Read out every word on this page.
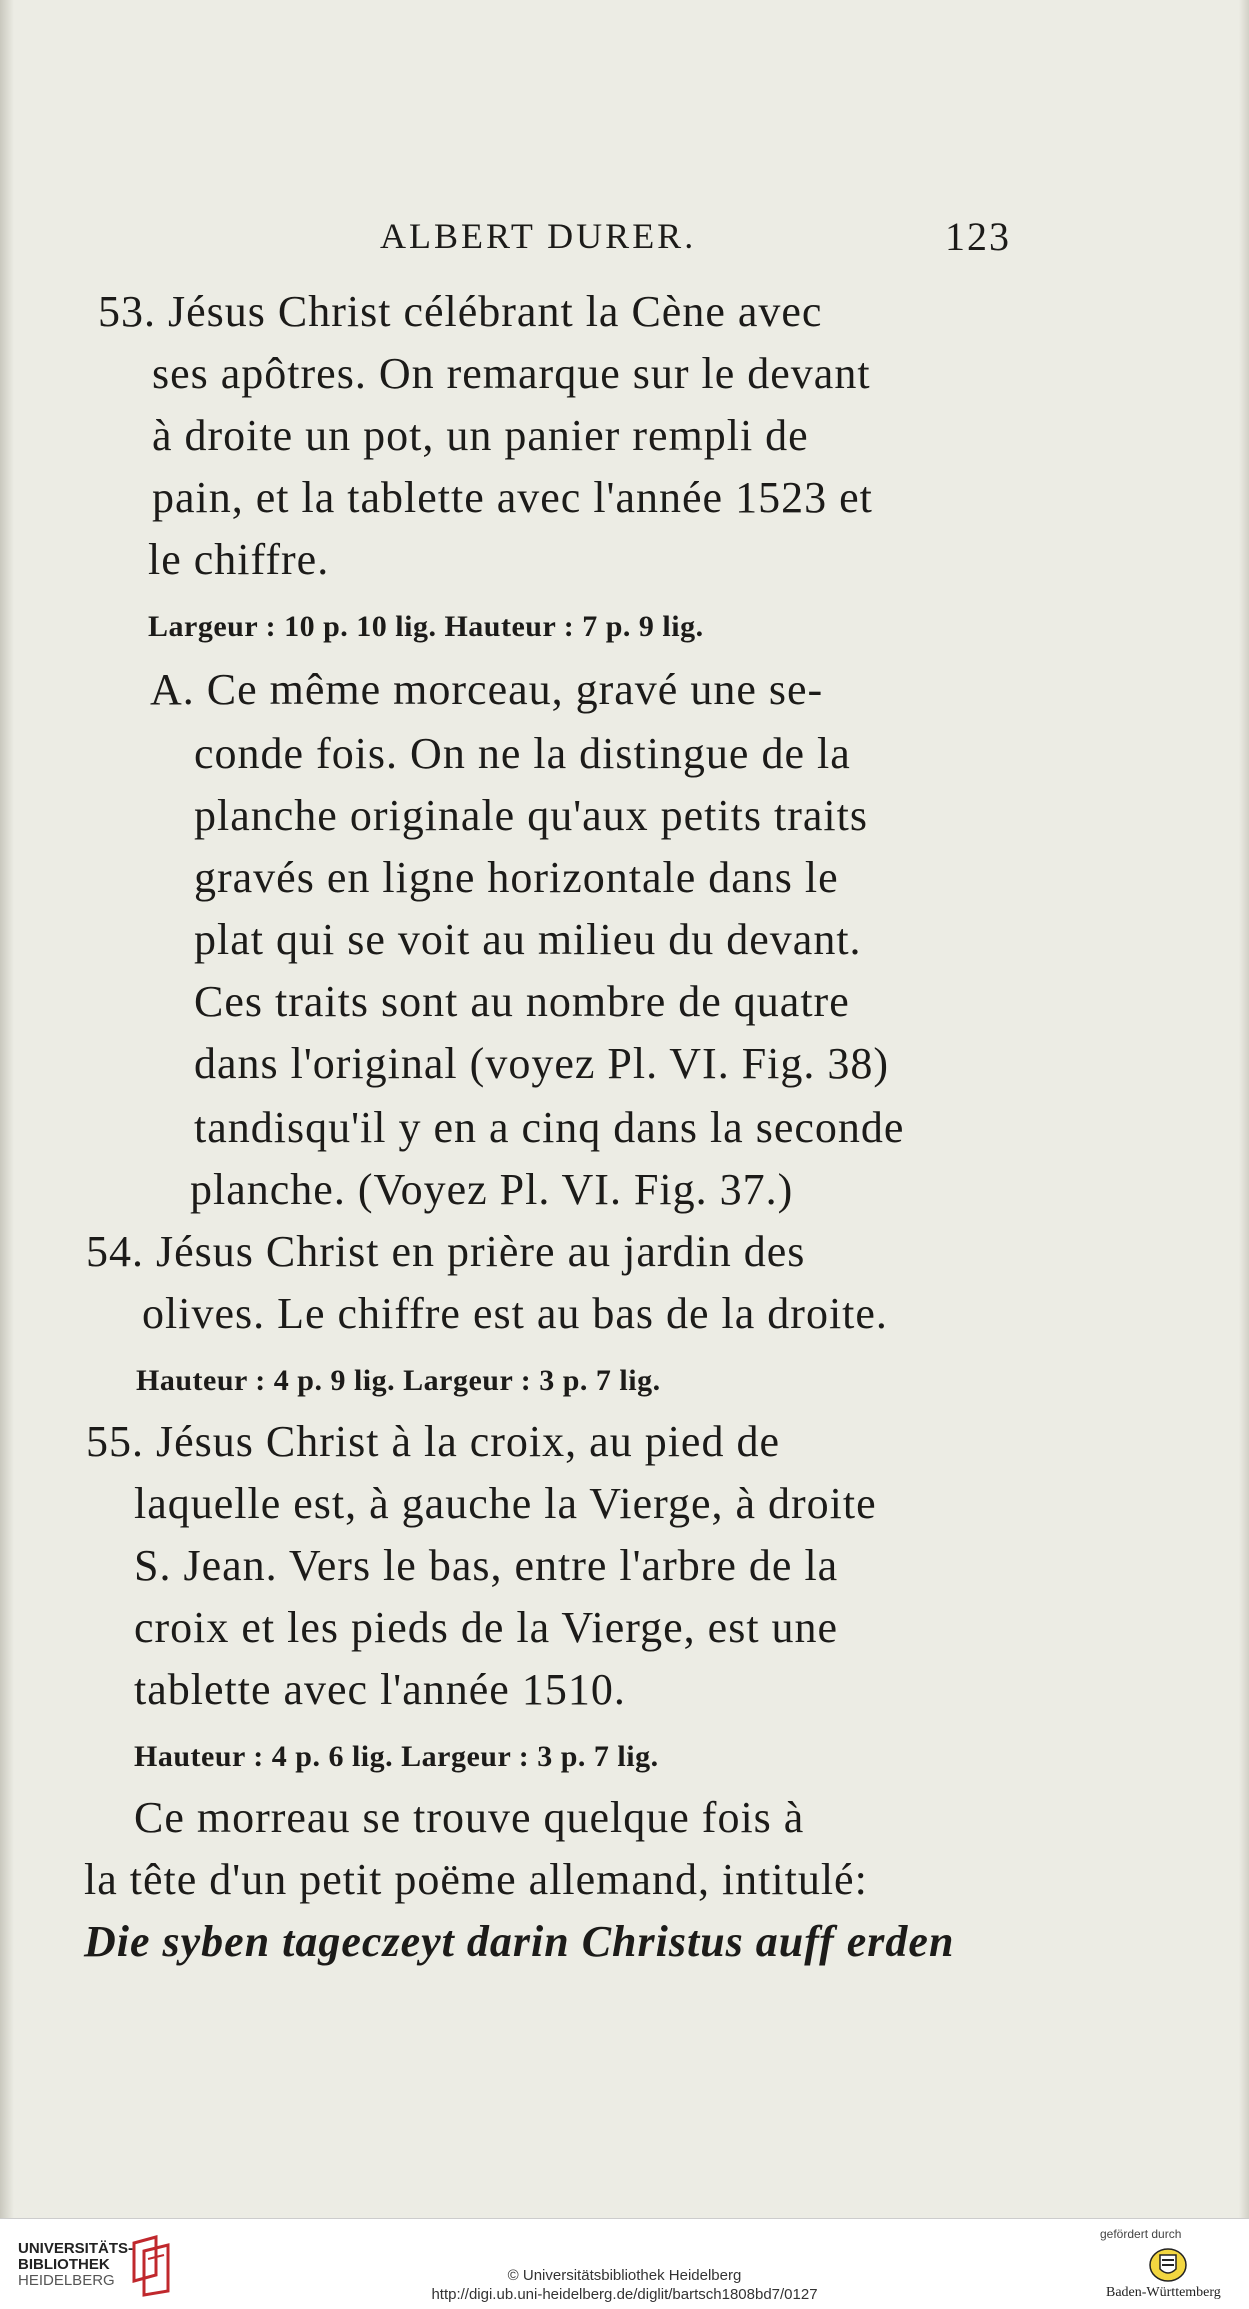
ALBERT DURER.	123
53. Jésus Christ célébrant la Cène avec
ses apôtres. On remarque sur le devant
à droite un pot, un panier rempli de
pain, et la tablette avec l'année 1523 et
le chiffre.
Largeur : 10 p. 10 lig. Hauteur : 7 p. 9 lig.
A. Ce même morceau, gravé une se-
conde fois. On ne la distingue de la
planche originale qu'aux petits traits
gravés en ligne horizontale dans le
plat qui se voit au milieu du devant.
Ces traits sont au nombre de quatre
dans l'original (voyez Pl. VI. Fig. 38)
tandisqu'il y en a cinq dans la seconde
planche. (Voyez Pl. VI. Fig. 37.)
54. Jésus Christ en prière au jardin des
olives. Le chiffre est au bas de la droite.
Hauteur : 4 p. 9 lig. Largeur : 3 p. 7 lig.
55. Jésus Christ à la croix, au pied de
laquelle est, à gauche la Vierge, à droite
S. Jean. Vers le bas, entre l'arbre de la
croix et les pieds de la Vierge, est une
tablette avec l'année 1510.
Hauteur : 4 p. 6 lig. Largeur : 3 p. 7 lig.
Ce morreau se trouve quelque fois à
la tête d'un petit poëme allemand, intitulé:
Die syben tageczeyt darin Christus auff erden
UNIVERSITÄTS-
BIBLIOTHEK
HEIDELBERG	© Universitätsbibliothek Heidelberg
http://digi.ub.uni-heidelberg.de/diglit/bartsch1808bd7/0127
gefördert durch
Baden-Württemberg
